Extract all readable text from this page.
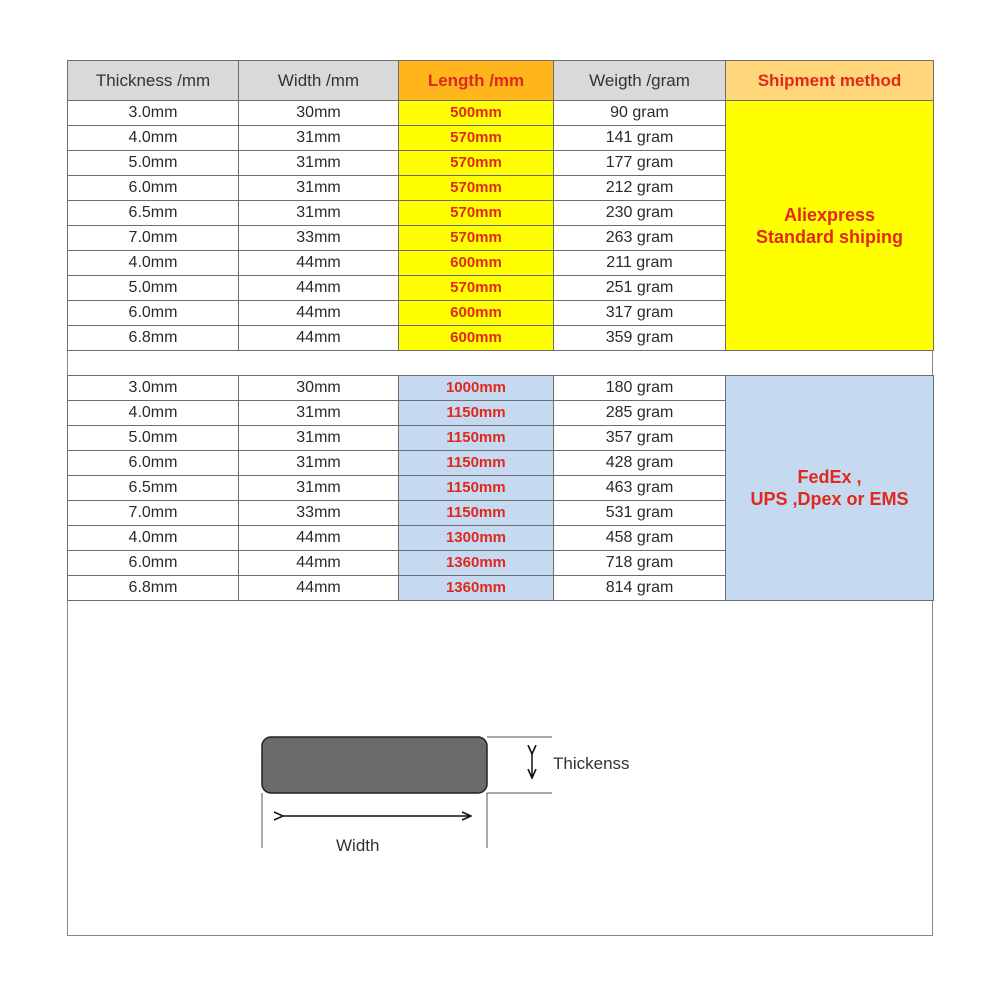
Thickness /mm	Width /mm	Length /mm	Weigth /gram	Shipment method
3.0mm	30mm	500mm	90 gram	Aliexpress
Standard shiping

4.0mm	31mm	570mm	141 gram	
5.0mm	31mm	570mm	177 gram	
6.0mm	31mm	570mm	212 gram	
6.5mm	31mm	570mm	230 gram	
7.0mm	33mm	570mm	263 gram	
4.0mm	44mm	600mm	211 gram	
5.0mm	44mm	570mm	251 gram	
6.0mm	44mm	600mm	317 gram	
6.8mm	44mm	600mm	359 gram	

3.0mm	30mm	1000mm	180 gram	FedEx ,
UPS ,Dpex or EMS

4.0mm	31mm	1150mm	285 gram	
5.0mm	31mm	1150mm	357 gram	
6.0mm	31mm	1150mm	428 gram	
6.5mm	31mm	1150mm	463 gram	
7.0mm	33mm	1150mm	531 gram	
4.0mm	44mm	1300mm	458 gram	
6.0mm	44mm	1360mm	718 gram	
6.8mm	44mm	1360mm	814 gram	
Thickenss
Width
